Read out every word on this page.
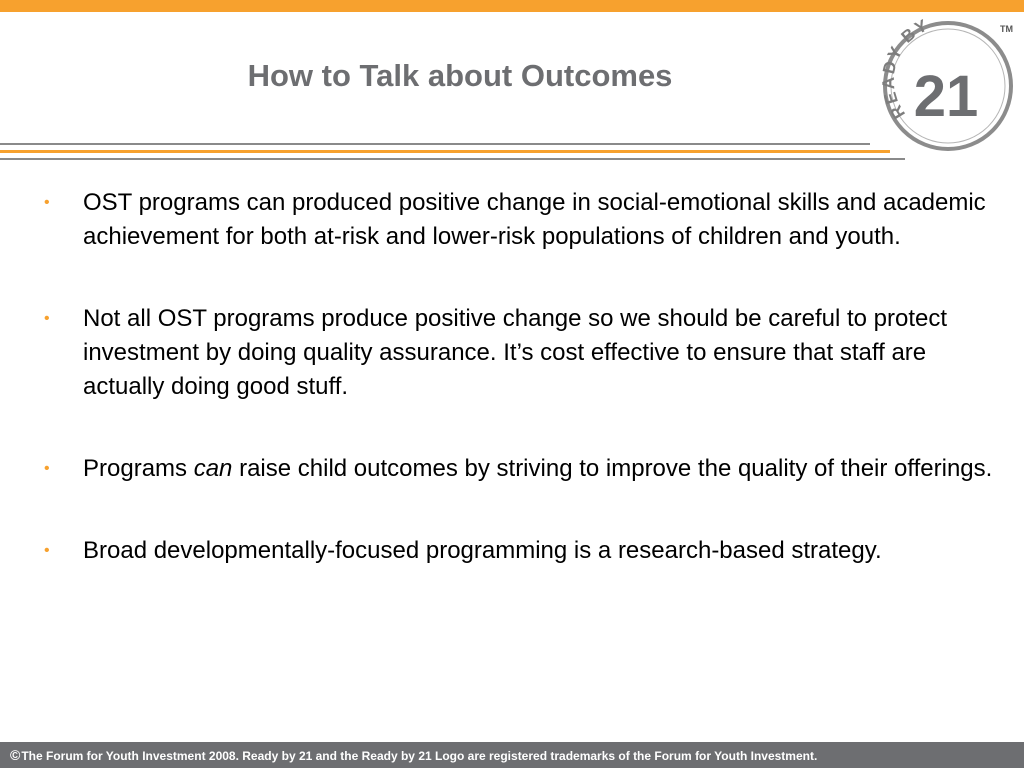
How to Talk about Outcomes
READY BY
21
TM
• OST programs can produced positive change in social-emotional skills and academic achievement for both at-risk and lower-risk populations of children and youth.
• Not all OST programs produce positive change so we should be careful to protect investment by doing quality assurance. It’s cost effective to ensure that staff are actually doing good stuff.
• Programs can raise child outcomes by striving to improve the quality of their offerings.
• Broad developmentally-focused programming is a research-based strategy.
©The Forum for Youth Investment 2008. Ready by 21 and the Ready by 21 Logo are registered trademarks of the Forum for Youth Investment.
